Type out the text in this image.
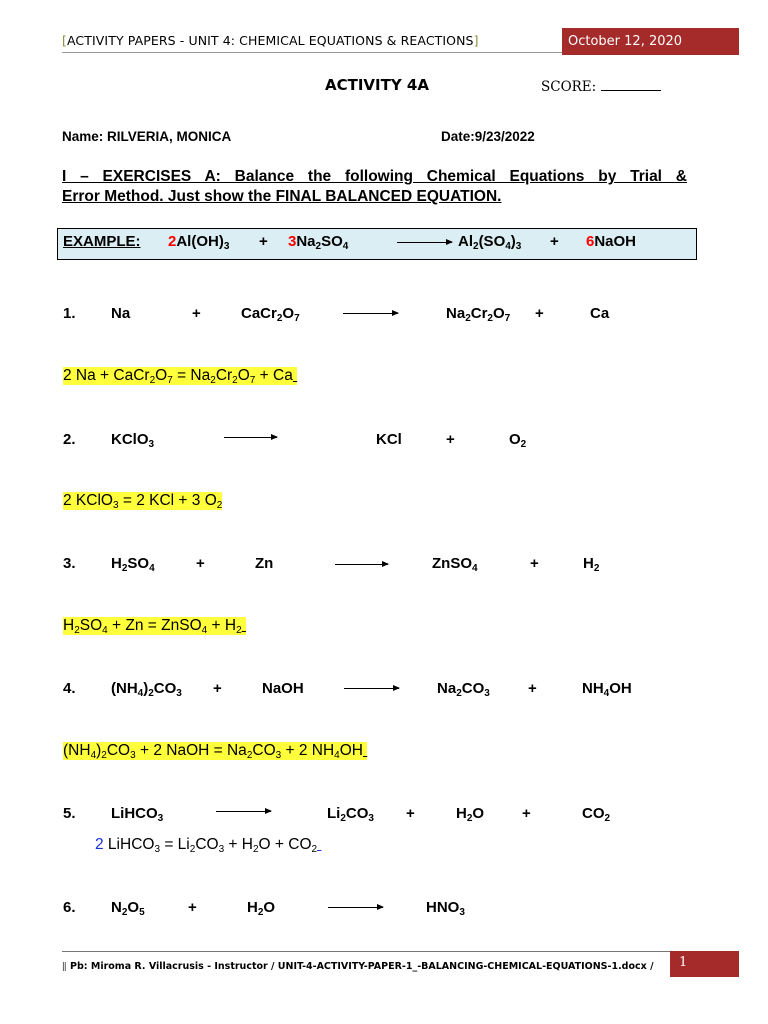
[ACTIVITY PAPERS - UNIT 4: CHEMICAL EQUATIONS & REACTIONS]	October 12, 2020
ACTIVITY 4A	SCORE:
Name: RILVERIA, MONICA	Date:9/23/2022
I – EXERCISES A: Balance the following Chemical Equations by Trial &
Error Method. Just show the FINAL BALANCED EQUATION.
EXAMPLE: $2Al(OH)_3 + 3Na_2SO_4$	$Al_2(SO_4)_3$ + 6NaOH
1. Na	+	$CaCr_2O_7$	$Na_2Cr_2O_7$ +	Ca
2 $Na + CaCr_2O_7 = Na_2Cr_2O_7 + Ca$
2. KClO$_3$	KCl	+	$O_2$
2 KClO$_3$ = 2 KCl + 3 $O_2$
3. $H_2SO_4$	+	Zn	ZnSO$_4$	+	$H_2$
$H_2SO_4 + Zn$ = ZnSO$_4$ + $H_2$
4. $(NH_4)_2CO_3$ +	NaOH	$Na_2CO_3$	+	$NH_4OH$
$(NH_4)_2CO_3 + 2$ NaOH = $Na_2CO_3 + 2$ $NH_4OH$
5. LiHCO$_3$	$Li_2CO_3$ +	$H_2O$	+	$CO_2$
2 LiHCO$_3$ = $Li_2CO_3 + H_2O + CO_2$
6. $N_2O_5$	+	$H_2O$	$HNO_3$
ǁ Pb: Miroma R. Villacrusis - Instructor / UNIT-4-ACTIVITY-PAPER-1_-BALANCING-CHEMICAL-EQUATIONS-1.docx / 1
